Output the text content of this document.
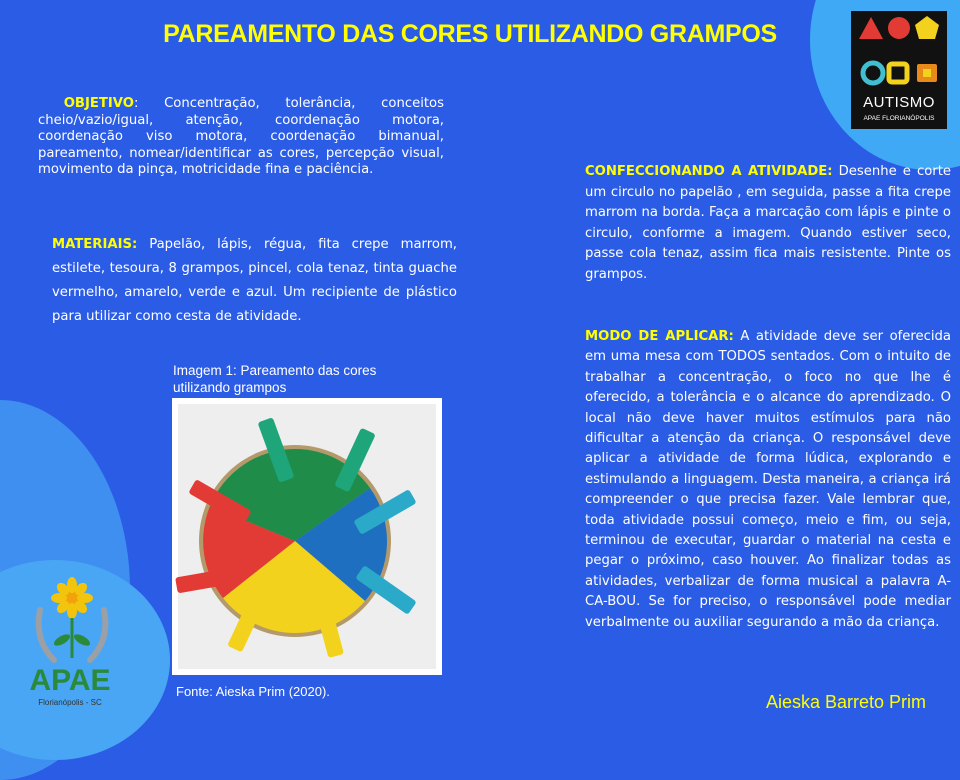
PAREAMENTO DAS CORES UTILIZANDO GRAMPOS
OBJETIVO: Concentração, tolerância, conceitos cheio/vazio/igual, atenção, coordenação motora, coordenação viso motora, coordenação bimanual, pareamento, nomear/identificar as cores, percepção visual, movimento da pinça, motricidade fina e paciência.
MATERIAIS: Papelão, lápis, régua, fita crepe marrom, estilete, tesoura, 8 grampos, pincel, cola tenaz, tinta guache vermelho, amarelo, verde e azul. Um recipiente de plástico para utilizar como cesta de atividade.
CONFECCIONANDO A ATIVIDADE: Desenhe e corte um circulo no papelão , em seguida, passe a fita crepe marrom na borda. Faça a marcação com lápis e pinte o circulo, conforme a imagem. Quando estiver seco, passe cola tenaz, assim fica mais resistente. Pinte os grampos.
MODO DE APLICAR: A atividade deve ser oferecida em uma mesa com TODOS sentados. Com o intuito de trabalhar a concentração, o foco no que lhe é oferecido, a tolerância e o alcance do aprendizado. O local não deve haver muitos estímulos para não dificultar a atenção da criança. O responsável deve aplicar a atividade de forma lúdica, explorando e estimulando a linguagem. Desta maneira, a criança irá compreender o que precisa fazer. Vale lembrar que, toda atividade possui começo, meio e fim, ou seja, terminou de executar, guardar o material na cesta e pegar o próximo, caso houver. Ao finalizar todas as atividades, verbalizar de forma musical a palavra A-CA-BOU. Se for preciso, o responsável pode mediar verbalmente ou auxiliar segurando a mão da criança.
Imagem 1: Pareamento das cores utilizando grampos
Fonte: Aieska Prim (2020).
Aieska Barreto Prim
AUTISMO
APAE FLORIANÓPOLIS
APAE
Florianópolis - SC
